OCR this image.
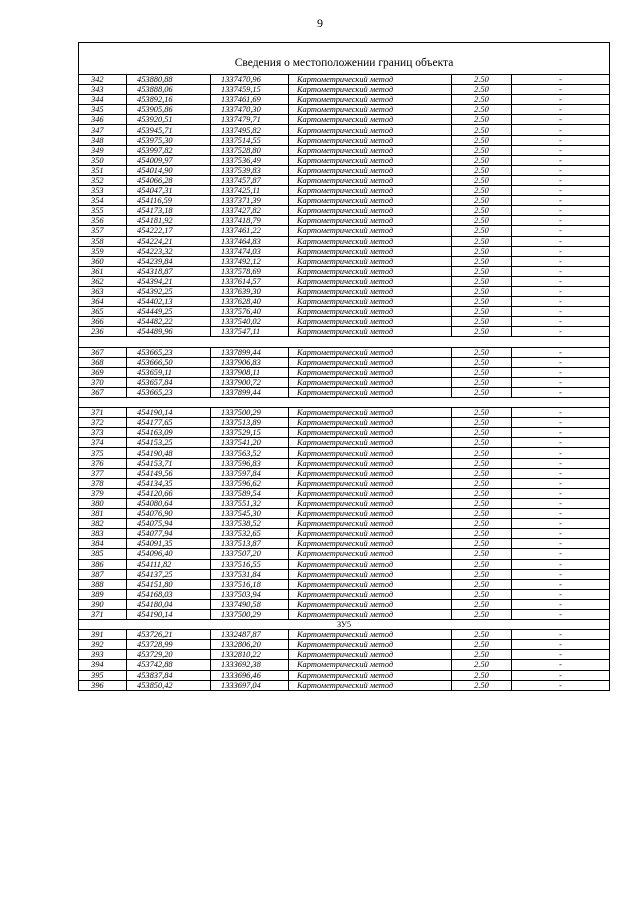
9
Сведения о местоположении границ объекта					
342	453880,88	1337470,96	Картометрический метод	2.50	-
343	453888,06	1337459,15	Картометрический метод	2.50	-
344	453892,16	1337461,69	Картометрический метод	2.50	-
345	453905,86	1337470,30	Картометрический метод	2.50	-
346	453920,51	1337479,71	Картометрический метод	2.50	-
347	453945,71	1337495,82	Картометрический метод	2.50	-
348	453975,30	1337514,55	Картометрический метод	2.50	-
349	453997,82	1337528,80	Картометрический метод	2.50	-
350	454009,97	1337536,49	Картометрический метод	2.50	-
351	454014,90	1337539,83	Картометрический метод	2.50	-
352	454066,28	1337457,87	Картометрический метод	2.50	-
353	454047,31	1337425,11	Картометрический метод	2.50	-
354	454116,59	1337371,39	Картометрический метод	2.50	-
355	454173,18	1337427,82	Картометрический метод	2.50	-
356	454181,92	1337418,79	Картометрический метод	2.50	-
357	454222,17	1337461,22	Картометрический метод	2.50	-
358	454224,21	1337464,83	Картометрический метод	2.50	-
359	454223,32	1337474,03	Картометрический метод	2.50	-
360	454239,84	1337492,12	Картометрический метод	2.50	-
361	454318,87	1337578,69	Картометрический метод	2.50	-
362	454394,21	1337614,57	Картометрический метод	2.50	-
363	454392,25	1337639,30	Картометрический метод	2.50	-
364	454402,13	1337628,40	Картометрический метод	2.50	-
365	454449,25	1337576,40	Картометрический метод	2.50	-
366	454482,22	1337540,02	Картометрический метод	2.50	-
236	454489,96	1337547,11	Картометрический метод	2.50	-

367	453665,23	1337899,44	Картометрический метод	2.50	-
368	453666,50	1337906,83	Картометрический метод	2.50	-
369	453659,11	1337908,11	Картометрический метод	2.50	-
370	453657,84	1337900,72	Картометрический метод	2.50	-
367	453665,23	1337899,44	Картометрический метод	2.50	-

371	454190,14	1337500,29	Картометрический метод	2.50	-
372	454177,65	1337513,89	Картометрический метод	2.50	-
373	454163,09	1337529,15	Картометрический метод	2.50	-
374	454153,25	1337541,20	Картометрический метод	2.50	-
375	454190,48	1337563,52	Картометрический метод	2.50	-
376	454153,71	1337596,83	Картометрический метод	2.50	-
377	454149,56	1337597,84	Картометрический метод	2.50	-
378	454134,35	1337596,62	Картометрический метод	2.50	-
379	454120,66	1337589,54	Картометрический метод	2.50	-
380	454080,64	1337551,32	Картометрический метод	2.50	-
381	454076,90	1337545,30	Картометрический метод	2.50	-
382	454075,94	1337538,52	Картометрический метод	2.50	-
383	454077,94	1337532,65	Картометрический метод	2.50	-
384	454091,35	1337513,87	Картометрический метод	2.50	-
385	454096,40	1337507,20	Картометрический метод	2.50	-
386	454111,82	1337516,55	Картометрический метод	2.50	-
387	454137,25	1337531,84	Картометрический метод	2.50	-
388	454151,80	1337516,18	Картометрический метод	2.50	-
389	454168,03	1337503,94	Картометрический метод	2.50	-
390	454180,04	1337490,58	Картометрический метод	2.50	-
371	454190,14	1337500,29	Картометрический метод	2.50	-
ЗУ5					
391	453726,21	1332487,87	Картометрический метод	2.50	-
392	453728,99	1332806,20	Картометрический метод	2.50	-
393	453729,20	1332810,22	Картометрический метод	2.50	-
394	453742,88	1333692,38	Картометрический метод	2.50	-
395	453837,84	1333696,46	Картометрический метод	2.50	-
396	453850,42	1333697,04	Картометрический метод	2.50	-
